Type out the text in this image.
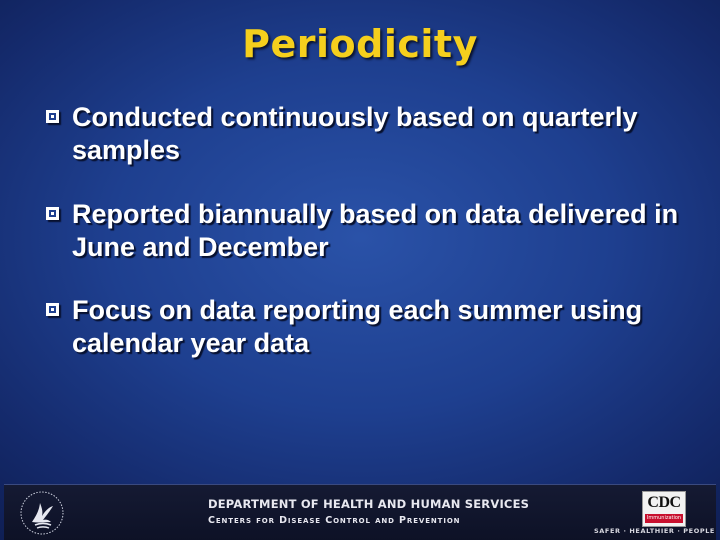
Periodicity
Conducted continuously based on quarterly samples
Reported biannually based on data delivered in June and December
Focus on data reporting each summer using calendar year data
DEPARTMENT OF HEALTH AND HUMAN SERVICES
Centers for Disease Control and Prevention
CDC
Immunization
SAFER · HEALTHIER · PEOPLE
